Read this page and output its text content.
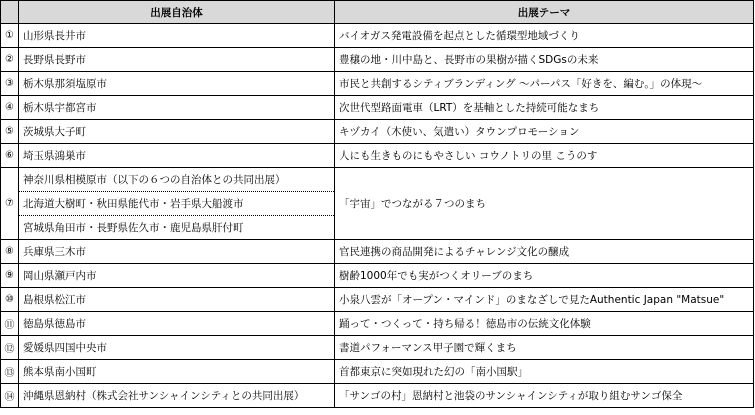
	出展自治体	出展テーマ
①	山形県長井市	バイオガス発電設備を起点とした循環型地域づくり
②	長野県長野市	豊穣の地・川中島と、長野市の果樹が描くSDGsの未来
③	栃木県那須塩原市	市民と共創するシティブランディング ～パーパス「好きを、編む。」の体現～
④	栃木県宇都宮市	次世代型路面電車（LRT）を基軸とした持続可能なまち
⑤	茨城県大子町	キヅカイ（木使い、気遣い）タウンプロモーション
⑥	埼玉県鴻巣市	人にも生きものにもやさしい コウノトリの里 こうのす
⑦	神奈川県相模原市（以下の６つの自治体との共同出展）	「宇宙」でつながる７つのまち
	北海道大樹町・秋田県能代市・岩手県大船渡市	
	宮城県角田市・長野県佐久市・鹿児島県肝付町	
⑧	兵庫県三木市	官民連携の商品開発によるチャレンジ文化の醸成
⑨	岡山県瀬戸内市	樹齢1000年でも実がつくオリーブのまち
⑩	島根県松江市	小泉八雲が「オープン・マインド」のまなざしで見たAuthentic Japan "Matsue"
⑪	徳島県徳島市	踊って・つくって・持ち帰る！徳島市の伝統文化体験
⑫	愛媛県四国中央市	書道パフォーマンス甲子園で輝くまち
⑬	熊本県南小国町	首都東京に突如現れた幻の「南小国駅」
⑭	沖縄県恩納村（株式会社サンシャインシティとの共同出展）	「サンゴの村」恩納村と池袋のサンシャインシティが取り組むサンゴ保全
